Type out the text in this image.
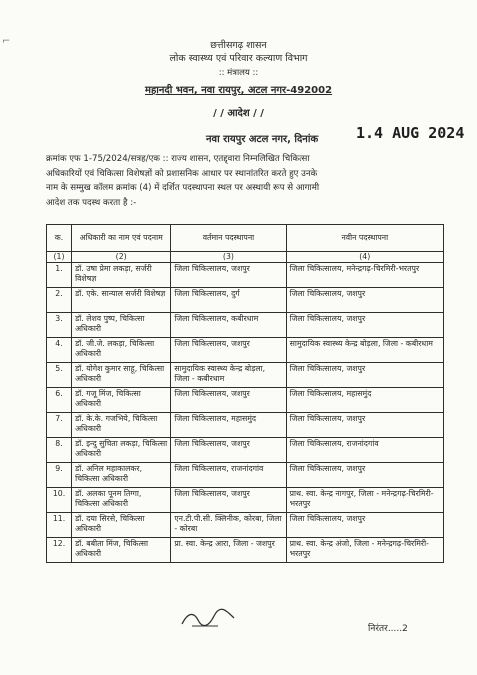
⌐	छत्तीसगढ़ शासन
लोक स्वास्थ्य एवं परिवार कल्याण विभाग
:: मंत्रालय ::
महानदी भवन, नवा रायपुर, अटल नगर-492002
/ / आदेश / /
नवा रायपुर अटल नगर, दिनांक	1.4 AUG 2024
क्रमांक एफ 1-75/2024/सत्रह/एक :: राज्य शासन, एतद्द्वारा निम्नलिखित चिकित्सा
अधिकारियों एवं चिकित्सा विशेषज्ञों को प्रशासनिक आधार पर स्थानांतरित करते हुए उनके
नाम के सम्मुख कॉलम क्रमांक (4) में दर्शित पदस्थापना स्थल पर अस्थायी रूप से आगामी
आदेश तक पदस्थ करता है :-
क.	अधिकारी का नाम एवं पदनाम	वर्तमान पदस्थापना	नवीन पदस्थापना
(1)	(2)	(3)	(4)
1.	डॉ. उषा प्रेमा लकड़ा, सर्जरी विशेषज्ञ	जिला चिकित्सालय, जशपुर	जिला चिकित्सालय, मनेन्द्रगढ़-चिरमिरी-भरतपुर
2.	डॉ. एके. सान्याल सर्जरी विशेषज्ञ	जिला चिकित्सालय, दुर्ग	जिला चिकित्सालय, जशपुर
3.	डॉ. लेशव पुष्प, चिकित्सा अधिकारी	जिला चिकित्सालय, कबीरधाम	जिला चिकित्सालय, जशपुर
4.	डॉ. जी.जे. लकड़ा, चिकित्सा अधिकारी	जिला चिकित्सालय, जशपुर	सामुदायिक स्वास्थ्य केन्द्र बोड़ला, जिला - कबीरधाम
5.	डॉ. योगेश कुमार साहू, चिकित्सा अधिकारी	सामुदायिक स्वास्थ्य केन्द्र बोड़ला, जिला - कबीरधाम	जिला चिकित्सालय, जशपुर
6.	डॉ. गजू मिंज, चिकित्सा अधिकारी	जिला चिकित्सालय, जशपुर	जिला चिकित्सालय, महासमुंद
7.	डॉ. के.के. गजभिये, चिकित्सा अधिकारी	जिला चिकित्सालय, महासमुंद	जिला चिकित्सालय, जशपुर
8.	डॉ. इन्दु सुचिता लकड़ा, चिकित्सा अधिकारी	जिला चिकित्सालय, जशपुर	जिला चिकित्सालय, राजनांदगांव
9.	डॉ. अनिल महाकालकर, चिकित्सा अधिकारी	जिला चिकित्सालय, राजनांदगांव	जिला चिकित्सालय, जशपुर
10.	डॉ. अलका पूनम तिग्गा, चिकित्सा अधिकारी	जिला चिकित्सालय, जशपुर	प्राथ. स्वा. केन्द्र नागपुर, जिला - मनेन्द्रगढ़-चिरमिरी-भरतपुर
11.	डॉ. दया सिरसे, चिकित्सा अधिकारी	एन.टी.पी.सी. क्लिनीक, कोरबा, जिला - कोरबा	जिला चिकित्सालय, जशपुर
12.	डॉ. बबीता मिंज, चिकित्सा अधिकारी	प्रा. स्वा. केन्द्र आरा, जिला - जशपुर	प्राथ. स्वा. केन्द्र अंजो, जिला - मनेन्द्रगढ़-चिरमिरी-भरतपुर
निरंतर.....2
